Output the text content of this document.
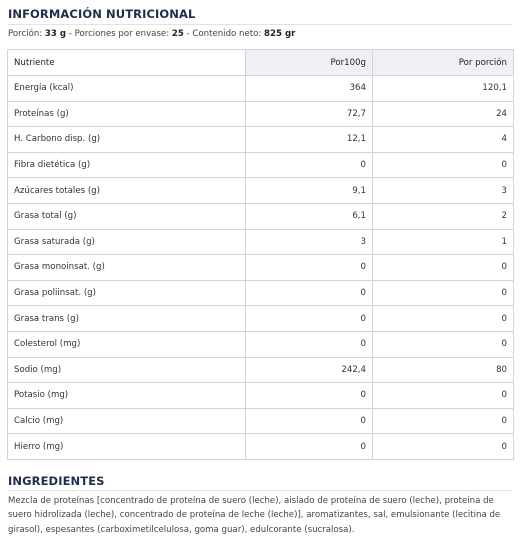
INFORMACIÓN NUTRICIONAL
Porción: 33 g - Porciones por envase: 25 - Contenido neto: 825 gr
Nutriente	Por100g	Por porción
Energía (kcal)	364	120,1
Proteínas (g)	72,7	24
H. Carbono disp. (g)	12,1	4
Fibra dietética (g)	0	0
Azúcares totales (g)	9,1	3
Grasa total (g)	6,1	2
Grasa saturada (g)	3	1
Grasa monoinsat. (g)	0	0
Grasa poliinsat. (g)	0	0
Grasa trans (g)	0	0
Colesterol (mg)	0	0
Sodio (mg)	242,4	80
Potasio (mg)	0	0
Calcio (mg)	0	0
Hierro (mg)	0	0
INGREDIENTES
Mezcla de proteínas [concentrado de proteína de suero (leche), aislado de proteína de suero (leche), proteína de suero hidrolizada (leche), concentrado de proteína de leche (leche)], aromatizantes, sal, emulsionante (lecitina de girasol), espesantes (carboximetilcelulosa, goma guar), edulcorante (sucralosa).
